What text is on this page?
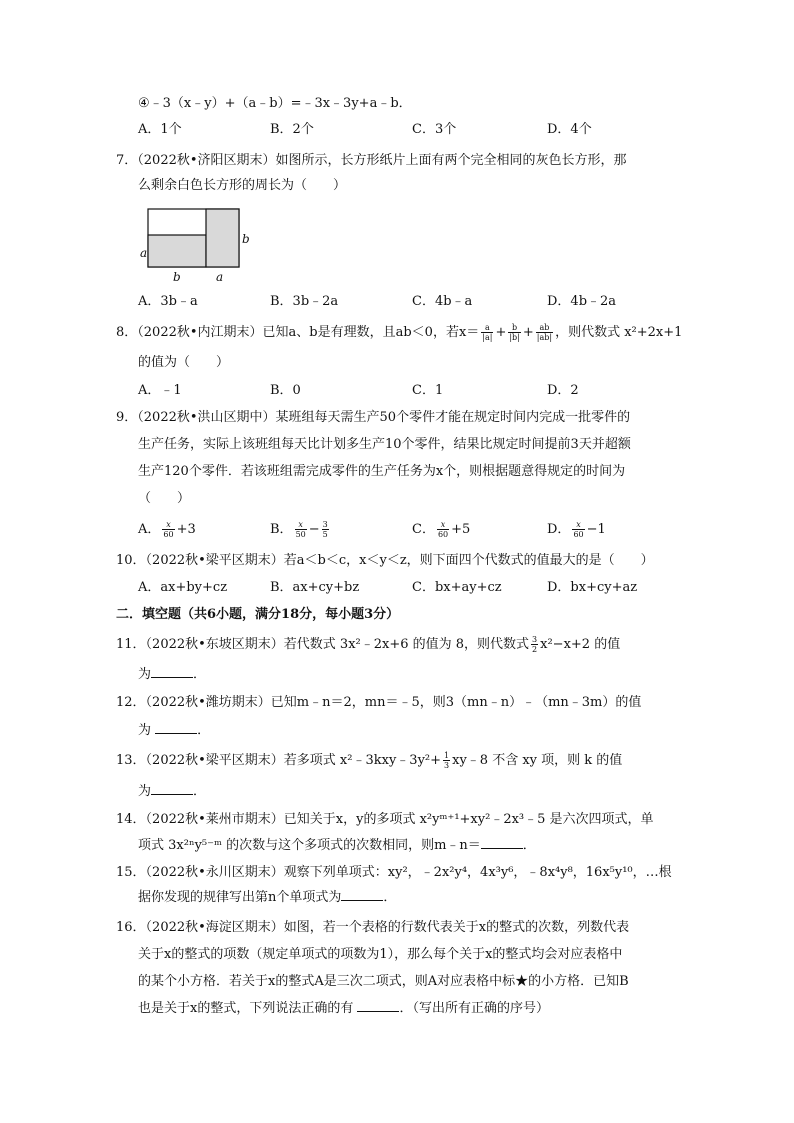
④﹣3（x﹣y）+（a﹣b）=﹣3x﹣3y+a﹣b．
A．1个	B．2个	C．3个	D．4个
7．（2022秋•济阳区期末）如图所示，长方形纸片上面有两个完全相同的灰色长方形，那
么剩余白色长方形的周长为（　　）
a
b
b	a
A．3b﹣a	B．3b﹣2a	C．4b﹣a	D．4b﹣2a
8．（2022秋•内江期末）已知a、b是有理数，且ab＜0，若$x= \frac{a}{|a|} + \frac{b}{|b|} + \frac{ab}{|ab|}$ ，则代数式 x²+2x+1
的值为（　　）
A．﹣1	B．0	C．1	D．2
9．（2022秋•洪山区期中）某班组每天需生产50个零件才能在规定时间内完成一批零件的
生产任务，实际上该班组每天比计划多生产10个零件，结果比规定时间提前3天并超额
生产120个零件．若该班组需完成零件的生产任务为x个，则根据题意得规定的时间为
（　　）
A． $\frac{x}{60} +3$	B． $\frac{x}{50} - \frac{3}{5}$	C． $\frac{x}{60} +5$	D． $\frac{x}{60} -1$
10．（2022秋•梁平区期末）若a＜b＜c，x＜y＜z，则下面四个代数式的值最大的是（　　）
A．ax+by+cz	B．ax+cy+bz	C．bx+ay+cz	D．bx+cy+az
二．填空题（共6小题，满分18分，每小题3分）
11．（2022秋•东坡区期末）若代数式 3x²﹣2x+6 的值为 8，则代数式 $\frac{3}{2} x^2-x+2$ 的值
为	．
12．（2022秋•潍坊期末）已知m﹣n＝2，mn＝﹣5，则3（mn﹣n）﹣（mn﹣3m）的值
为	．
13．（2022秋•梁平区期末）若多项式 x²﹣3kxy﹣3y²+ $\frac{1}{3}$ xy﹣8 不含 xy 项，则 k 的值
为	．
14．（2022秋•莱州市期末）已知关于x，y的多项式 x²yᵐ⁺¹+xy²﹣2x³﹣5 是六次四项式，单
项式 3x²ⁿy⁵⁻ᵐ 的次数与这个多项式的次数相同，则m﹣n＝	．
15．（2022秋•永川区期末）观察下列单项式：xy²，﹣2x²y⁴，4x³y⁶，﹣8x⁴y⁸，16x⁵y¹⁰，…根
据你发现的规律写出第n个单项式为	．
16．（2022秋•海淀区期末）如图，若一个表格的行数代表关于x的整式的次数，列数代表
关于x的整式的项数（规定单项式的项数为1），那么每个关于x的整式均会对应表格中
的某个小方格．若关于x的整式A是三次二项式，则A对应表格中标★的小方格．已知B
也是关于x的整式，下列说法正确的有	．（写出所有正确的序号）
